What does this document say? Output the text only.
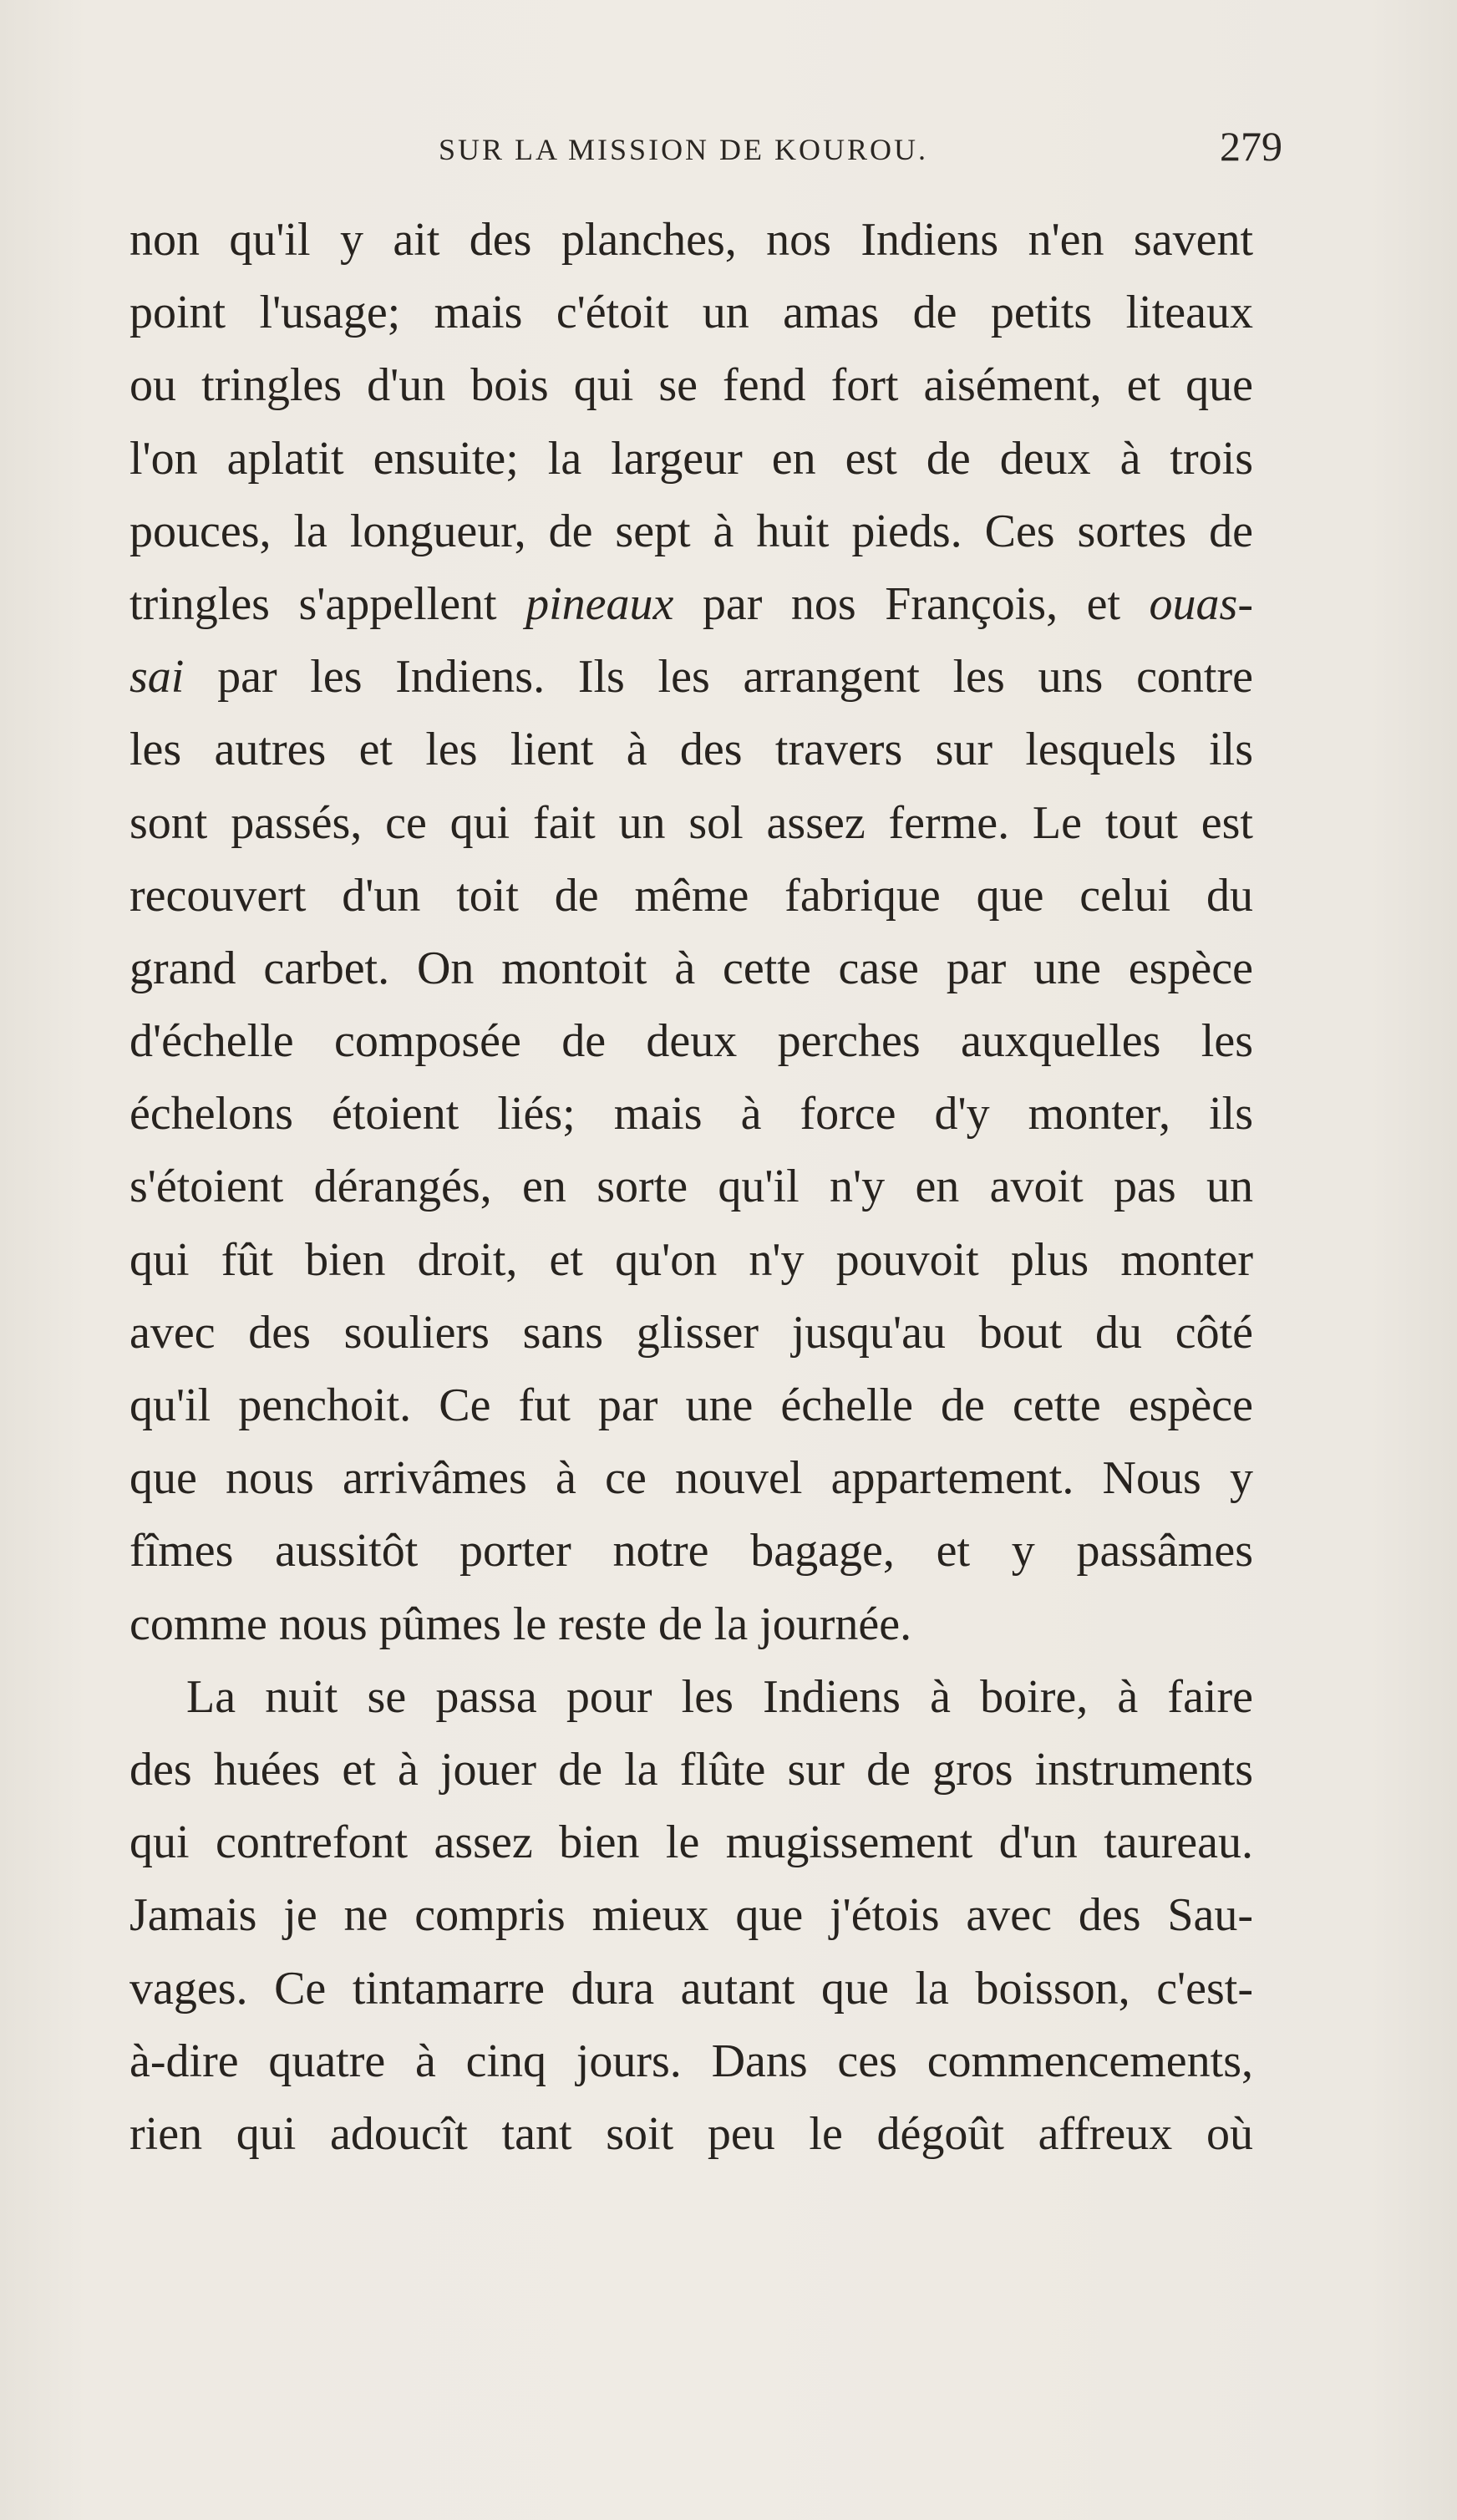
SUR LA MISSION DE KOUROU.	279
non qu'il y ait des planches, nos Indiens n'en savent
point l'usage; mais c'étoit un amas de petits liteaux
ou tringles d'un bois qui se fend fort aisément, et que
l'on aplatit ensuite; la largeur en est de deux à trois
pouces, la longueur, de sept à huit pieds. Ces sortes de
tringles s'appellent pineaux par nos François, et ouas-
sai par les Indiens. Ils les arrangent les uns contre
les autres et les lient à des travers sur lesquels ils
sont passés, ce qui fait un sol assez ferme. Le tout est
recouvert d'un toit de même fabrique que celui du
grand carbet. On montoit à cette case par une espèce
d'échelle composée de deux perches auxquelles les
échelons étoient liés; mais à force d'y monter, ils
s'étoient dérangés, en sorte qu'il n'y en avoit pas un
qui fût bien droit, et qu'on n'y pouvoit plus monter
avec des souliers sans glisser jusqu'au bout du côté
qu'il penchoit. Ce fut par une échelle de cette espèce
que nous arrivâmes à ce nouvel appartement. Nous y
fîmes aussitôt porter notre bagage, et y passâmes
comme nous pûmes le reste de la journée.
La nuit se passa pour les Indiens à boire, à faire
des huées et à jouer de la flûte sur de gros instruments
qui contrefont assez bien le mugissement d'un taureau.
Jamais je ne compris mieux que j'étois avec des Sau-
vages. Ce tintamarre dura autant que la boisson, c'est-
à-dire quatre à cinq jours. Dans ces commencements,
rien qui adoucît tant soit peu le dégoût affreux où
